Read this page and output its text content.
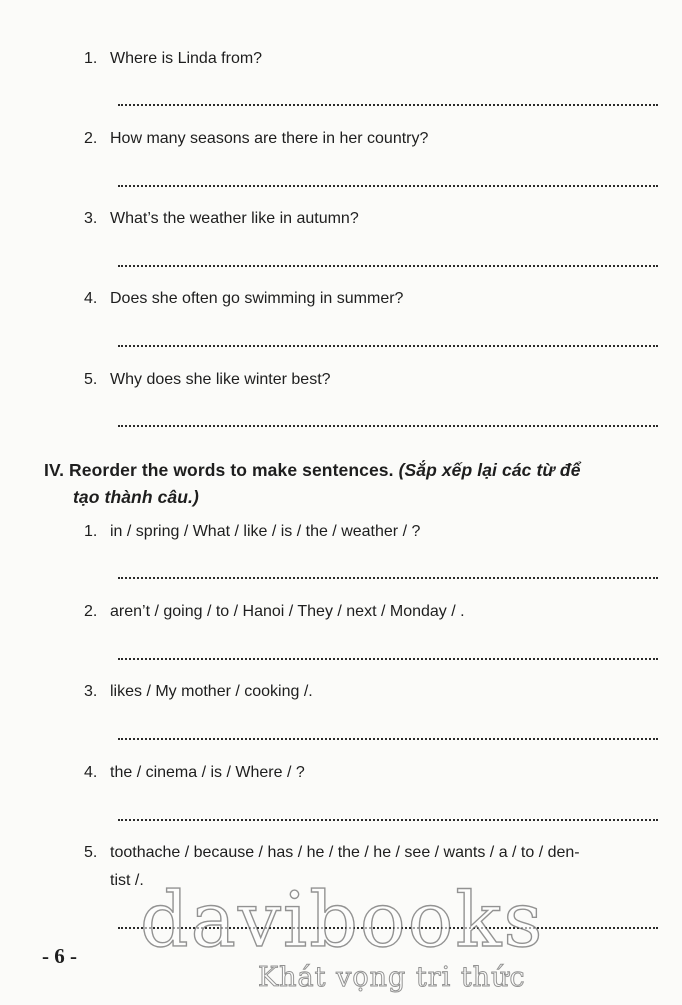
1. Where is Linda from?
2. How many seasons are there in her country?
3. What’s the weather like in autumn?
4. Does she often go swimming in summer?
5. Why does she like winter best?
IV. Reorder the words to make sentences. (Sắp xếp lại các từ để
tạo thành câu.)
1. in / spring / What / like / is / the / weather / ?
2. aren’t / going / to / Hanoi / They / next / Monday / .
3. likes / My mother / cooking /.
4. the / cinema / is / Where / ?
5. toothache / because / has / he / the / he / see / wants / a / to / den-
tist /.
- 6 - davibooks
Khát vọng tri thức
